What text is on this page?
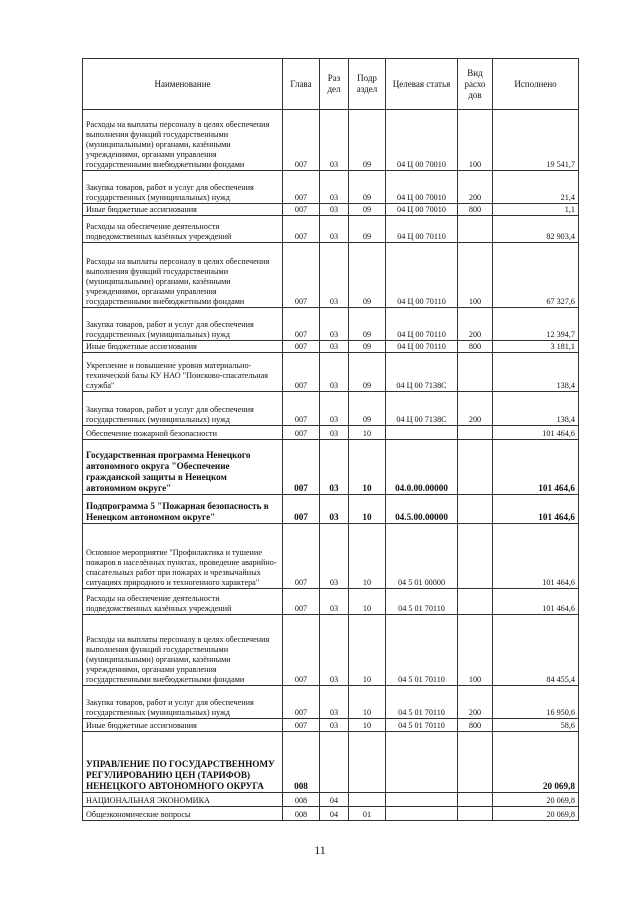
Наименование	Глава	Раз дел	Подр аздел	Целевая статья	Вид расхо дов	Исполнено
Расходы на выплаты персоналу в целях обеспечения выполнения функций государственными (муниципальными) органами, казёнными учреждениями, органами управления государственными внебюджетными фондами	007	03	09	04 Ц 00 70010	100	19 541,7
Закупка товаров, работ и услуг для обеспечения государственных (муниципальных) нужд	007	03	09	04 Ц 00 70010	200	21,4
Иные бюджетные ассигнования	007	03	09	04 Ц 00 70010	800	1,1
Расходы на обеспечение деятельности подведомственных казённых учреждений	007	03	09	04 Ц 00 70110		82 903,4
Расходы на выплаты персоналу в целях обеспечения выполнения функций государственными (муниципальными) органами, казёнными учреждениями, органами управления государственными внебюджетными фондами	007	03	09	04 Ц 00 70110	100	67 327,6
Закупка товаров, работ и услуг для обеспечения государственных (муниципальных) нужд	007	03	09	04 Ц 00 70110	200	12 394,7
Иные бюджетные ассигнования	007	03	09	04 Ц 00 70110	800	3 181,1
Укрепление и повышение уровня материально-технической базы КУ НАО "Поисково-спасательная служба"	007	03	09	04 Ц 00 7138С		138,4
Закупка товаров, работ и услуг для обеспечения государственных (муниципальных) нужд	007	03	09	04 Ц 00 7138С	200	138,4
Обеспечение пожарной безопасности	007	03	10			101 464,6
Государственная программа Ненецкого автономного округа "Обеспечение гражданской защиты в Ненецком автономном округе"	007	03	10	04.0.00.00000		101 464,6
Подпрограмма 5 "Пожарная безопасность в Ненецком автономном округе"	007	03	10	04.5.00.00000		101 464,6
Основное мероприятие "Профилактика и тушение пожаров в населённых пунктах, проведение аварийно-спасательных работ при пожарах и чрезвычайных ситуациях природного и техногенного характера"	007	03	10	04 5 01 00000		101 464,6
Расходы на обеспечение деятельности подведомственных казённых учреждений	007	03	10	04 5 01 70110		101 464,6
Расходы на выплаты персоналу в целях обеспечения выполнения функций государственными (муниципальными) органами, казёнными учреждениями, органами управления государственными внебюджетными фондами	007	03	10	04 5 01 70110	100	84 455,4
Закупка товаров, работ и услуг для обеспечения государственных (муниципальных) нужд	007	03	10	04 5 01 70110	200	16 950,6
Иные бюджетные ассигнования	007	03	10	04 5 01 70110	800	58,6
УПРАВЛЕНИЕ ПО ГОСУДАРСТВЕННОМУ РЕГУЛИРОВАНИЮ ЦЕН (ТАРИФОВ) НЕНЕЦКОГО АВТОНОМНОГО ОКРУГА	008					20 069,8
НАЦИОНАЛЬНАЯ ЭКОНОМИКА	008	04				20 069,8
Общеэкономические вопросы	008	04	01			20 069,8
11
